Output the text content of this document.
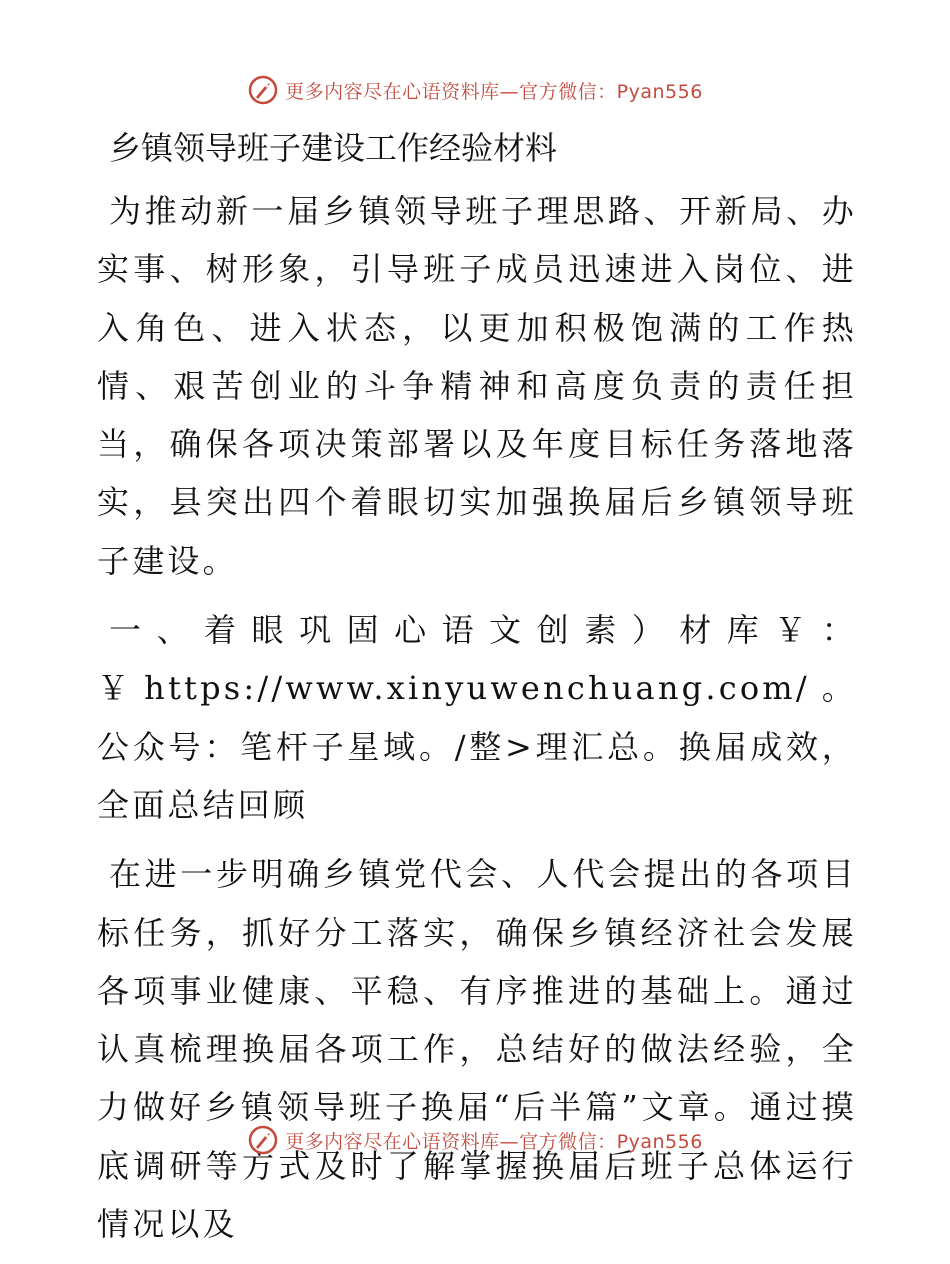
更多内容尽在心语资料库—官方微信：Pyan556
乡镇领导班子建设工作经验材料

为推动新一届乡镇领导班子理思路、开新局、办实事、树形象，引导班子成员迅速进入岗位、进入角色、进入状态，以更加积极饱满的工作热情、艰苦创业的斗争精神和高度负责的责任担当，确保各项决策部署以及年度目标任务落地落实，县突出四个着眼切实加强换届后乡镇领导班子建设。

一、着眼巩固心语文创素）材库￥：￥https://www.xinyuwenchuang.com/。公众号：笔杆子星域。/整>理汇总。换届成效，全面总结回顾

在进一步明确乡镇党代会、人代会提出的各项目标任务，抓好分工落实，确保乡镇经济社会发展各项事业健康、平稳、有序推进的基础上。通过认真梳理换届各项工作，总结好的做法经验，全力做好乡镇领导班子换届“后半篇”文章。通过摸底调研等方式及时了解掌握换届后班子总体运行情况以及

更多内容尽在心语资料库—官方微信：Pyan556
